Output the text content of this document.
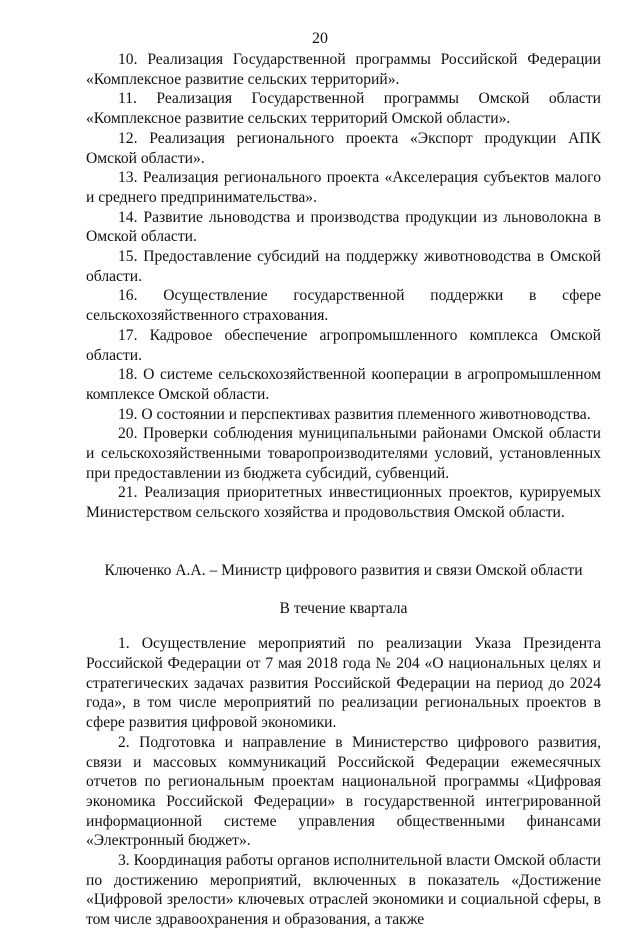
20

10. Реализация Государственной программы Российской Федерации «Комплексное развитие сельских территорий».

11. Реализация Государственной программы Омской области «Комплексное развитие сельских территорий Омской области».

12. Реализация регионального проекта «Экспорт продукции АПК Омской области».

13. Реализация регионального проекта «Акселерация субъектов малого и среднего предпринимательства».

14. Развитие льноводства и производства продукции из льноволокна в Омской области.

15. Предоставление субсидий на поддержку животноводства в Омской области.

16. Осуществление государственной поддержки в сфере сельскохозяйственного страхования.

17. Кадровое обеспечение агропромышленного комплекса Омской области.

18. О системе сельскохозяйственной кооперации в агропромышленном комплексе Омской области.

19. О состоянии и перспективах развития племенного животноводства.

20. Проверки соблюдения муниципальными районами Омской области и сельскохозяйственными товаропроизводителями условий, установленных при предоставлении из бюджета субсидий, субвенций.

21. Реализация приоритетных инвестиционных проектов, курируемых Министерством сельского хозяйства и продовольствия Омской области.

Ключенко А.А. – Министр цифрового развития и связи Омской области

В течение квартала

1. Осуществление мероприятий по реализации Указа Президента Российской Федерации от 7 мая 2018 года № 204 «О национальных целях и стратегических задачах развития Российской Федерации на период до 2024 года», в том числе мероприятий по реализации региональных проектов в сфере развития цифровой экономики.

2. Подготовка и направление в Министерство цифрового развития, связи и массовых коммуникаций Российской Федерации ежемесячных отчетов по региональным проектам национальной программы «Цифровая экономика Российской Федерации» в государственной интегрированной информационной системе управления общественными финансами «Электронный бюджет».

3. Координация работы органов исполнительной власти Омской области по достижению мероприятий, включенных в показатель «Достижение «Цифровой зрелости» ключевых отраслей экономики и социальной сферы, в том числе здравоохранения и образования, а также
